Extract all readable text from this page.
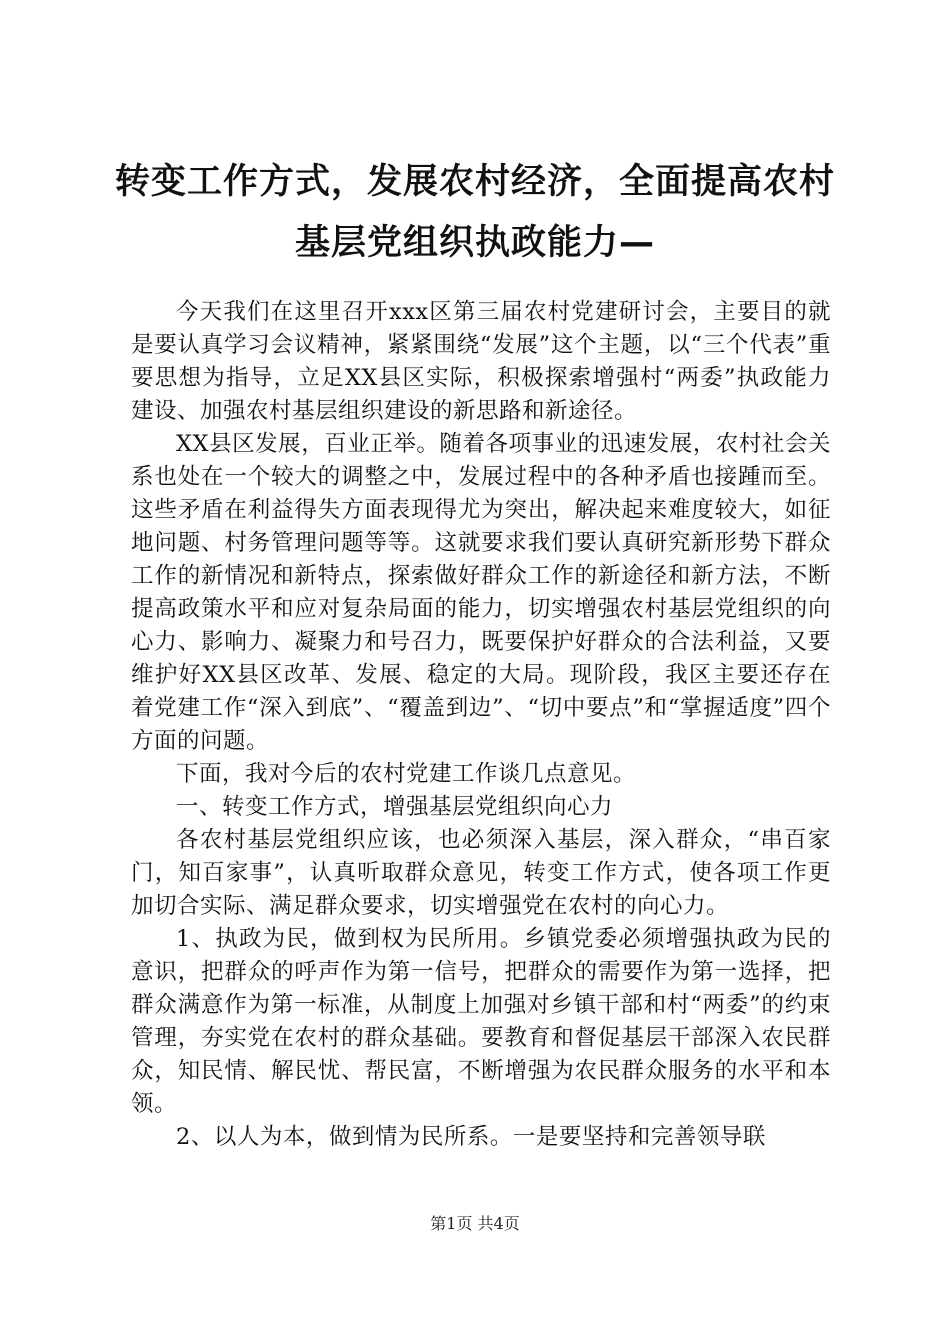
转变工作方式，发展农村经济，全面提高农村
基层党组织执政能力—

今天我们在这里召开xxx区第三届农村党建研讨会，主要目的就是要认真学习会议精神，紧紧围绕“发展”这个主题，以“三个代表”重要思想为指导，立足XX县区实际，积极探索增强村“两委”执政能力建设、加强农村基层组织建设的新思路和新途径。

XX县区发展，百业正举。随着各项事业的迅速发展，农村社会关系也处在一个较大的调整之中，发展过程中的各种矛盾也接踵而至。这些矛盾在利益得失方面表现得尤为突出，解决起来难度较大，如征地问题、村务管理问题等等。这就要求我们要认真研究新形势下群众工作的新情况和新特点，探索做好群众工作的新途径和新方法，不断提高政策水平和应对复杂局面的能力，切实增强农村基层党组织的向心力、影响力、凝聚力和号召力，既要保护好群众的合法利益，又要维护好XX县区改革、发展、稳定的大局。现阶段，我区主要还存在着党建工作“深入到底”、“覆盖到边”、“切中要点”和“掌握适度”四个方面的问题。

下面，我对今后的农村党建工作谈几点意见。

一、转变工作方式，增强基层党组织向心力

各农村基层党组织应该，也必须深入基层，深入群众，“串百家门，知百家事”，认真听取群众意见，转变工作方式，使各项工作更加切合实际、满足群众要求，切实增强党在农村的向心力。

1、执政为民，做到权为民所用。乡镇党委必须增强执政为民的意识，把群众的呼声作为第一信号，把群众的需要作为第一选择，把群众满意作为第一标准，从制度上加强对乡镇干部和村“两委”的约束管理，夯实党在农村的群众基础。要教育和督促基层干部深入农民群众，知民情、解民忧、帮民富，不断增强为农民群众服务的水平和本领。

2、以人为本，做到情为民所系。一是要坚持和完善领导联

第1页 共4页
